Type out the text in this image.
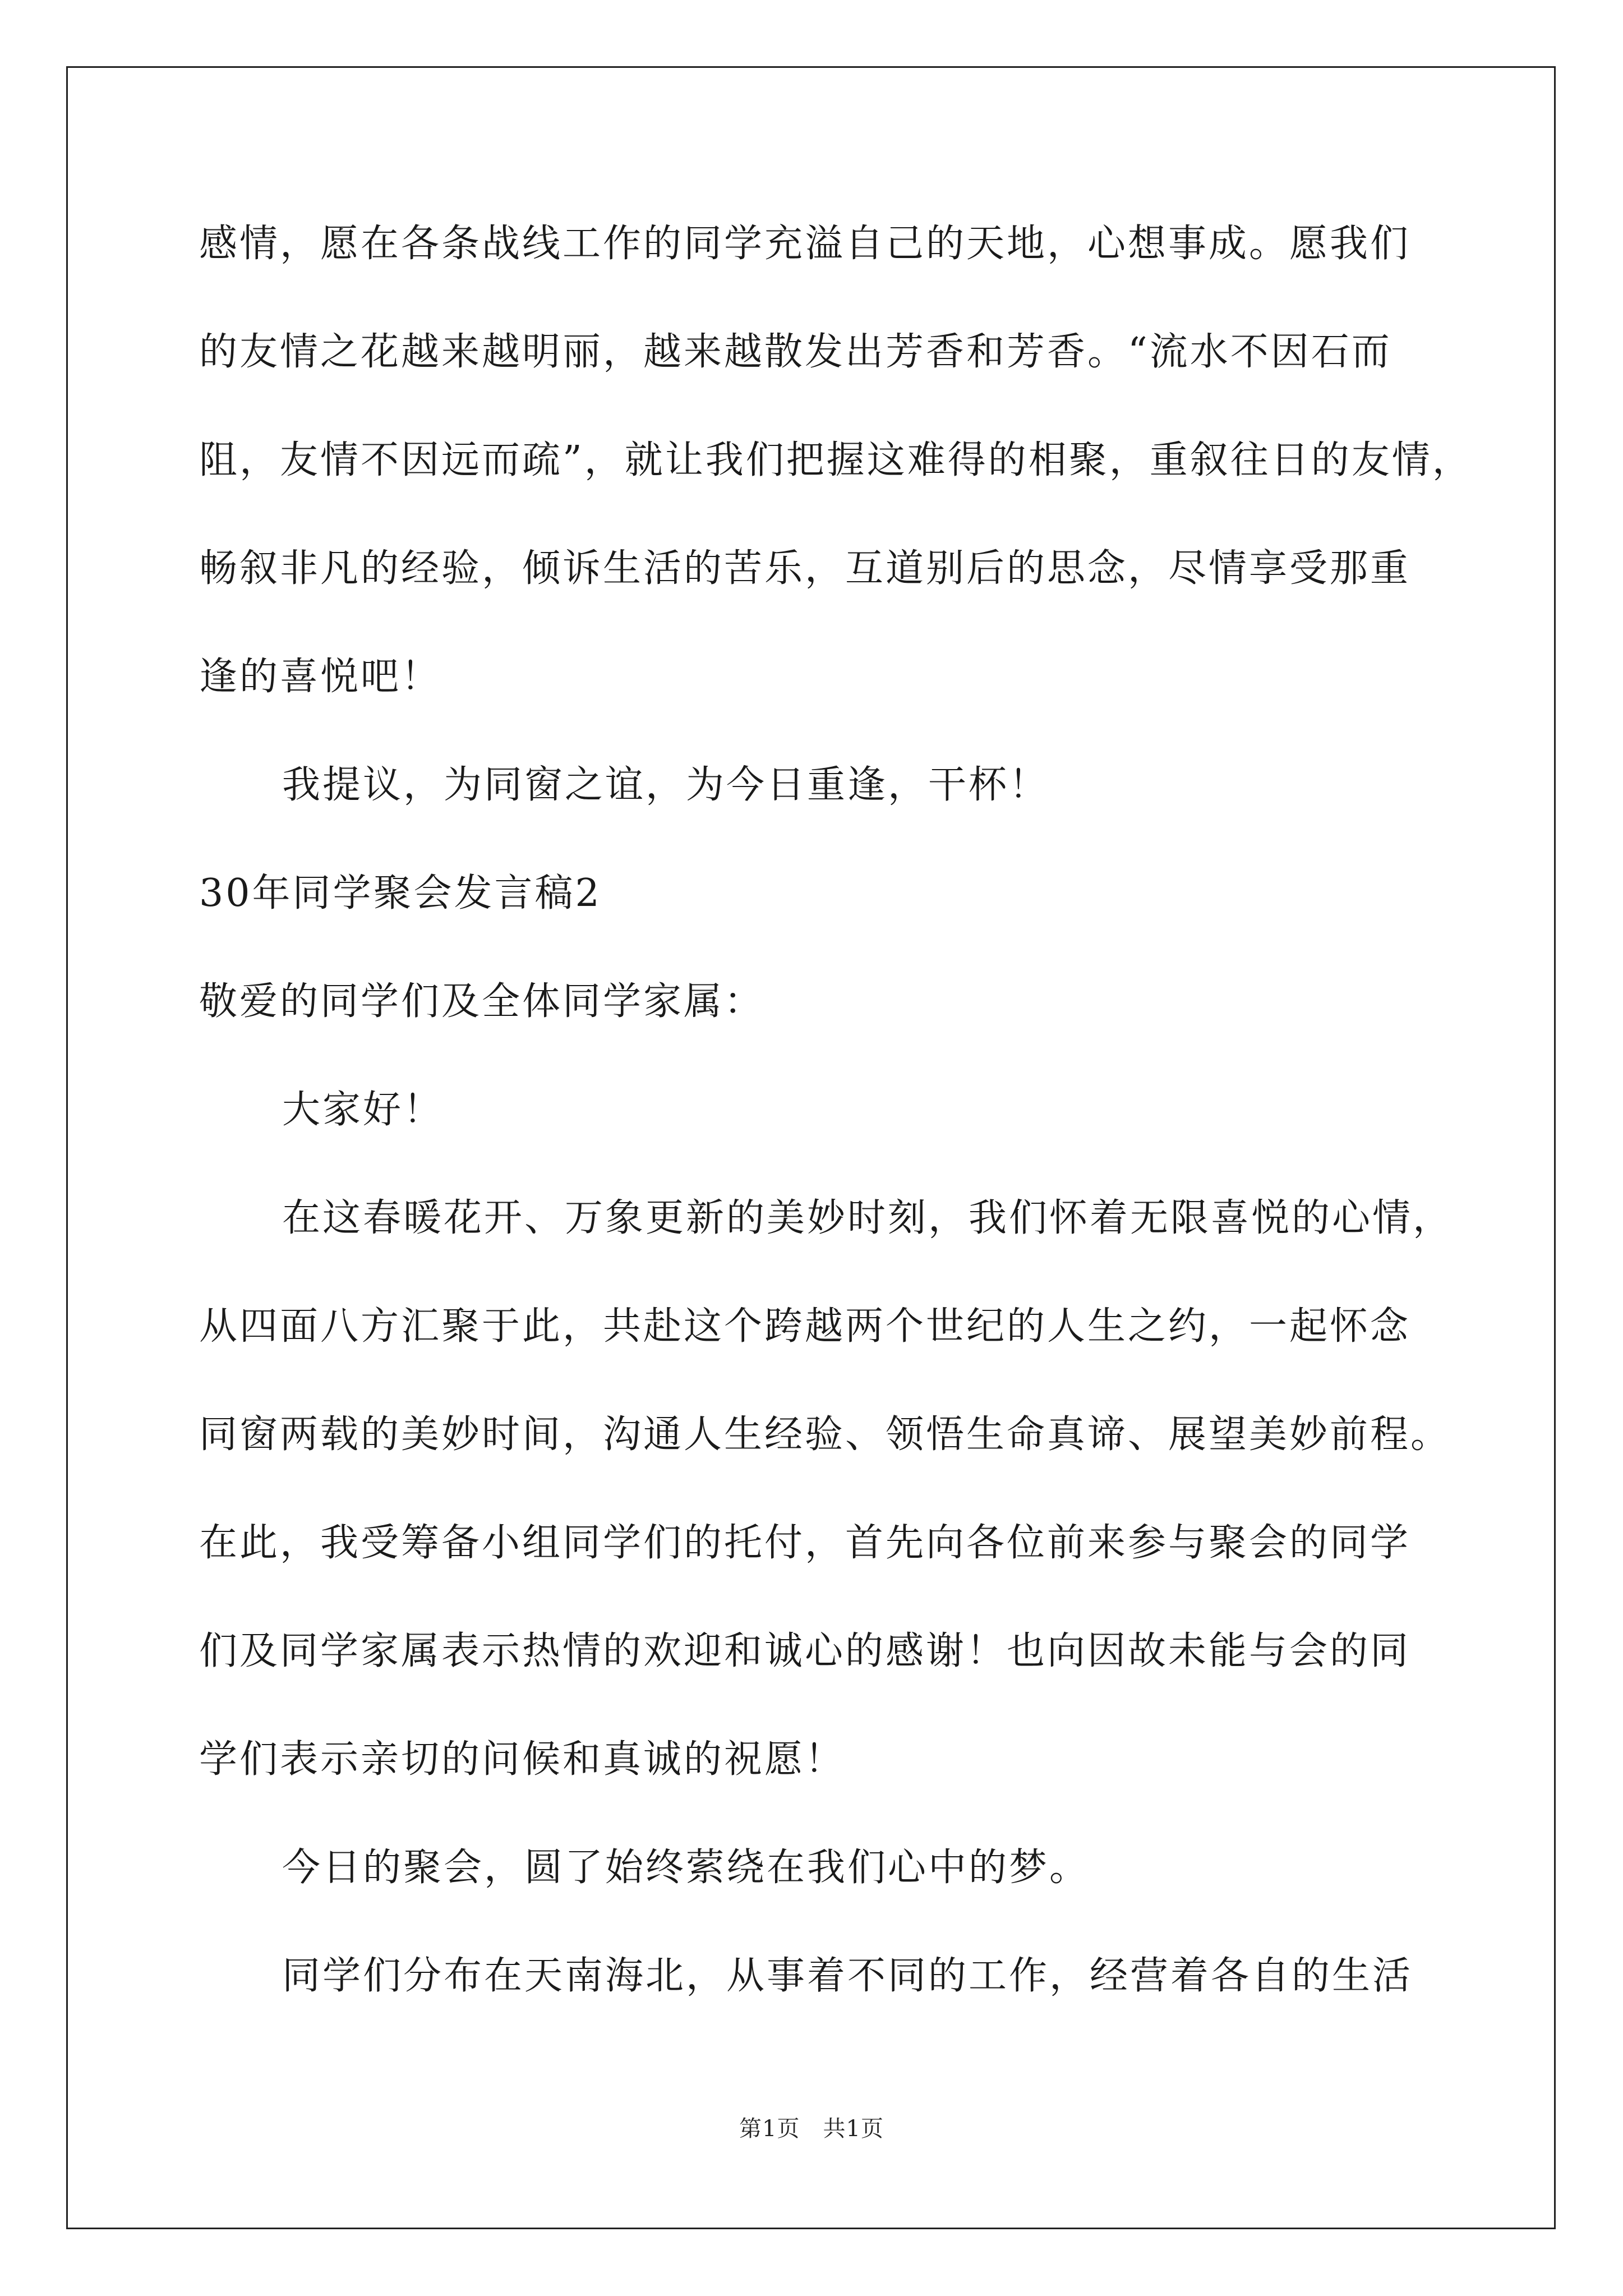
感情，愿在各条战线工作的同学充溢自己的天地，心想事成。愿我们
的友情之花越来越明丽，越来越散发出芳香和芳香。“流水不因石而
阻，友情不因远而疏”，就让我们把握这难得的相聚，重叙往日的友情，
畅叙非凡的经验，倾诉生活的苦乐，互道别后的思念，尽情享受那重
逢的喜悦吧！
我提议，为同窗之谊，为今日重逢，干杯！
30年同学聚会发言稿2
敬爱的同学们及全体同学家属：
大家好！
在这春暖花开、万象更新的美妙时刻，我们怀着无限喜悦的心情，
从四面八方汇聚于此，共赴这个跨越两个世纪的人生之约，一起怀念
同窗两载的美妙时间，沟通人生经验、领悟生命真谛、展望美妙前程。
在此，我受筹备小组同学们的托付，首先向各位前来参与聚会的同学
们及同学家属表示热情的欢迎和诚心的感谢！也向因故未能与会的同
学们表示亲切的问候和真诚的祝愿！
今日的聚会，圆了始终萦绕在我们心中的梦。
同学们分布在天南海北，从事着不同的工作，经营着各自的生活
第1页　共1页
